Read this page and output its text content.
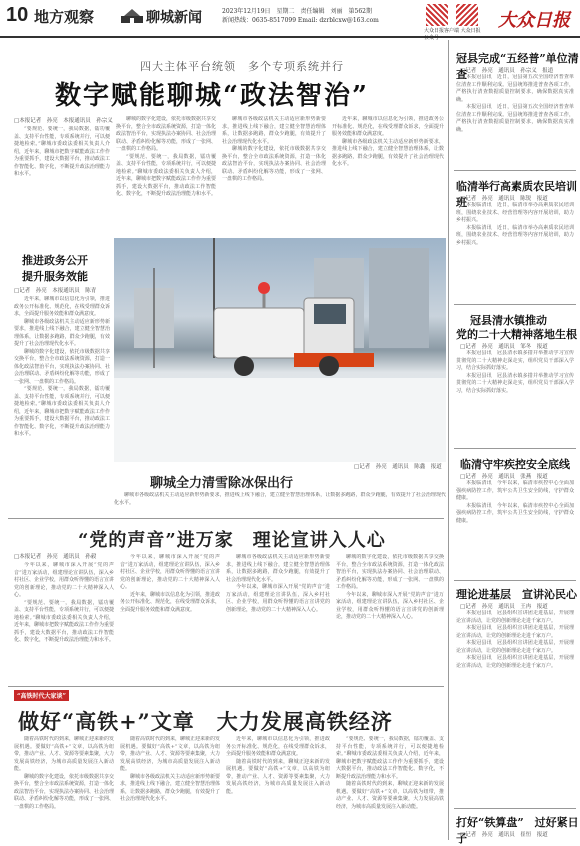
10 地方观察	聊城新闻	2023年12月19日　星期二　责任编辑　刘丽　第562期
新闻热线：0635-8517099 Email: dzrblcxw@163.com
大众日报客户端 大众日报公众号
大众日报
四大主体平台统领　多个专项系统并行
数字赋能聊城“政法智治”
□本报记者　孙亮　本报通讯员　孙宗义

“要规范、要统一，我局数据，镭功覆盖、支持平台性能，专项系统并行，可以便捷地检索。”聊城市委政法委相关负责人介绍，近年来，聊城市把数字赋能政法工作作为重要抓手，建设大数据平台，推动政法工作智能化、数字化，不断提升政法治理能力和水平。

聊城的数字化建设，依托市级数据共享交换平台，整合全市政法系统资源，打造一体化政法智治平台，实现执法办案协同、社会治理联动、矛盾纠纷化解等功能，形成了一张网、一盘棋的工作格局。

“要规范、要统一，我局数据，镭功覆盖、支持平台性能，专项系统并行，可以便捷地检索。”聊城市委政法委相关负责人介绍，近年来，聊城市把数字赋能政法工作作为重要抓手，建设大数据平台，推动政法工作智能化、数字化，不断提升政法治理能力和水平。

聊城市各级政法机关主动适应新形势新要求，推进线上线下融合，建立健全智慧治理体系，让数据多跑路，群众少跑腿，有效提升了社会治理现代化水平。

聊城的数字化建设，依托市级数据共享交换平台，整合全市政法系统资源，打造一体化政法智治平台，实现执法办案协同、社会治理联动、矛盾纠纷化解等功能，形成了一张网、一盘棋的工作格局。

近年来，聊城市以信息化为引领，推进政务公开标准化、规范化，在线受理群众诉求，全面提升服务效能和群众满意度。

聊城市各级政法机关主动适应新形势新要求，推进线上线下融合，建立健全智慧治理体系，让数据多跑路，群众少跑腿，有效提升了社会治理现代化水平。

推进政务公开
提升服务效能
□记者　孙亮　本报通讯员　陈青

近年来，聊城市以信息化为引领，推进政务公开标准化、规范化，在线受理群众诉求，全面提升服务效能和群众满意度。

聊城市各级政法机关主动适应新形势新要求，推进线上线下融合，建立健全智慧治理体系，让数据多跑路，群众少跑腿，有效提升了社会治理现代化水平。

聊城的数字化建设，依托市级数据共享交换平台，整合全市政法系统资源，打造一体化政法智治平台，实现执法办案协同、社会治理联动、矛盾纠纷化解等功能，形成了一张网、一盘棋的工作格局。

“要规范、要统一，我局数据，镭功覆盖、支持平台性能，专项系统并行，可以便捷地检索。”聊城市委政法委相关负责人介绍，近年来，聊城市把数字赋能政法工作作为重要抓手，建设大数据平台，推动政法工作智能化、数字化，不断提升政法治理能力和水平。

聊城全力清雪除冰保出行
□记者　孙亮　通讯员　陈鑫　报道

聊城市各级政法机关主动适应新形势新要求，推进线上线下融合，建立健全智慧治理体系，让数据多跑路，群众少跑腿，有效提升了社会治理现代化水平。

“党的声音”进万家　理论宣讲入人心
□本报记者　孙亮　通讯员　孙毅

今年以来，聊城市深入开展“党的声音”进万家活动，组建理论宣讲队伍，深入乡村社区、企业学校，用群众听得懂的语言宣讲党的创新理论，推动党的二十大精神深入人心。

“要规范、要统一，我局数据，镭功覆盖、支持平台性能，专项系统并行，可以便捷地检索。”聊城市委政法委相关负责人介绍，近年来，聊城市把数字赋能政法工作作为重要抓手，建设大数据平台，推动政法工作智能化、数字化，不断提升政法治理能力和水平。

今年以来，聊城市深入开展“党的声音”进万家活动，组建理论宣讲队伍，深入乡村社区、企业学校，用群众听得懂的语言宣讲党的创新理论，推动党的二十大精神深入人心。

近年来，聊城市以信息化为引领，推进政务公开标准化、规范化，在线受理群众诉求，全面提升服务效能和群众满意度。

聊城市各级政法机关主动适应新形势新要求，推进线上线下融合，建立健全智慧治理体系，让数据多跑路，群众少跑腿，有效提升了社会治理现代化水平。

今年以来，聊城市深入开展“党的声音”进万家活动，组建理论宣讲队伍，深入乡村社区、企业学校，用群众听得懂的语言宣讲党的创新理论，推动党的二十大精神深入人心。

聊城的数字化建设，依托市级数据共享交换平台，整合全市政法系统资源，打造一体化政法智治平台，实现执法办案协同、社会治理联动、矛盾纠纷化解等功能，形成了一张网、一盘棋的工作格局。

今年以来，聊城市深入开展“党的声音”进万家活动，组建理论宣讲队伍，深入乡村社区、企业学校，用群众听得懂的语言宣讲党的创新理论，推动党的二十大精神深入人心。

“高铁时代大家谈”
做好“高铁+”文章　大力发展高铁经济

随着高铁时代的到来，聊城正迎来新的发展机遇。要做好“高铁+”文章，以高铁为纽带，推动产业、人才、资源等要素集聚，大力发展高铁经济，为城市高质量发展注入新动能。

聊城的数字化建设，依托市级数据共享交换平台，整合全市政法系统资源，打造一体化政法智治平台，实现执法办案协同、社会治理联动、矛盾纠纷化解等功能，形成了一张网、一盘棋的工作格局。

随着高铁时代的到来，聊城正迎来新的发展机遇。要做好“高铁+”文章，以高铁为纽带，推动产业、人才、资源等要素集聚，大力发展高铁经济，为城市高质量发展注入新动能。

聊城市各级政法机关主动适应新形势新要求，推进线上线下融合，建立健全智慧治理体系，让数据多跑路，群众少跑腿，有效提升了社会治理现代化水平。

近年来，聊城市以信息化为引领，推进政务公开标准化、规范化，在线受理群众诉求，全面提升服务效能和群众满意度。

随着高铁时代的到来，聊城正迎来新的发展机遇。要做好“高铁+”文章，以高铁为纽带，推动产业、人才、资源等要素集聚，大力发展高铁经济，为城市高质量发展注入新动能。

“要规范、要统一，我局数据，镭功覆盖、支持平台性能，专项系统并行，可以便捷地检索。”聊城市委政法委相关负责人介绍，近年来，聊城市把数字赋能政法工作作为重要抓手，建设大数据平台，推动政法工作智能化、数字化，不断提升政法治理能力和水平。

随着高铁时代的到来，聊城正迎来新的发展机遇。要做好“高铁+”文章，以高铁为纽带，推动产业、人才、资源等要素集聚，大力发展高铁经济，为城市高质量发展注入新动能。

冠县完成“五经普”单位清查
□记者　孙亮　通讯员　孙宗义　报道

本报冠县讯　近日，冠县第五次全国经济普查单位清查工作顺利完成。冠县统筹推进普查各项工作，严格执行清查数据质量控制要求，确保数据真实准确。

本报冠县讯　近日，冠县第五次全国经济普查单位清查工作顺利完成。冠县统筹推进普查各项工作，严格执行清查数据质量控制要求，确保数据真实准确。

临清举行高素质农民培训班
□记者　孙亮　通讯员　陈锐　报道

本报临清讯　近日，临清市举办高素质农民培训班，围绕农业技术、经营管理等内容开展培训，助力乡村振兴。

本报临清讯　近日，临清市举办高素质农民培训班，围绕农业技术、经营管理等内容开展培训，助力乡村振兴。

冠县清水镇推动
党的二十大精神落地生根
□记者　孙亮　通讯员　邹冬　报道

本报冠县讯　冠县清水镇多措并举推动学习宣传贯彻党的二十大精神走深走实，组织党员干部深入学习，结合实际抓好落实。

本报冠县讯　冠县清水镇多措并举推动学习宣传贯彻党的二十大精神走深走实，组织党员干部深入学习，结合实际抓好落实。

临清守牢疾控安全底线
□记者　孙亮　通讯员　张燕　报道

本报临清讯　今年以来，临清市疾控中心全面加强疾病防控工作，筑牢公共卫生安全防线，守护群众健康。

本报临清讯　今年以来，临清市疾控中心全面加强疾病防控工作，筑牢公共卫生安全防线，守护群众健康。

理论进基层　宣讲沁民心
□记者　孙亮　通讯员　王冉　报道

本报冠县讯　冠县组织宣讲团走进基层，开展理论宣讲活动，让党的创新理论走进千家万户。

本报冠县讯　冠县组织宣讲团走进基层，开展理论宣讲活动，让党的创新理论走进千家万户。

本报冠县讯　冠县组织宣讲团走进基层，开展理论宣讲活动，让党的创新理论走进千家万户。

本报冠县讯　冠县组织宣讲团走进基层，开展理论宣讲活动，让党的创新理论走进千家万户。

打好“铁算盘”　过好紧日子
□记者　孙亮　通讯员　崔恒　报道
